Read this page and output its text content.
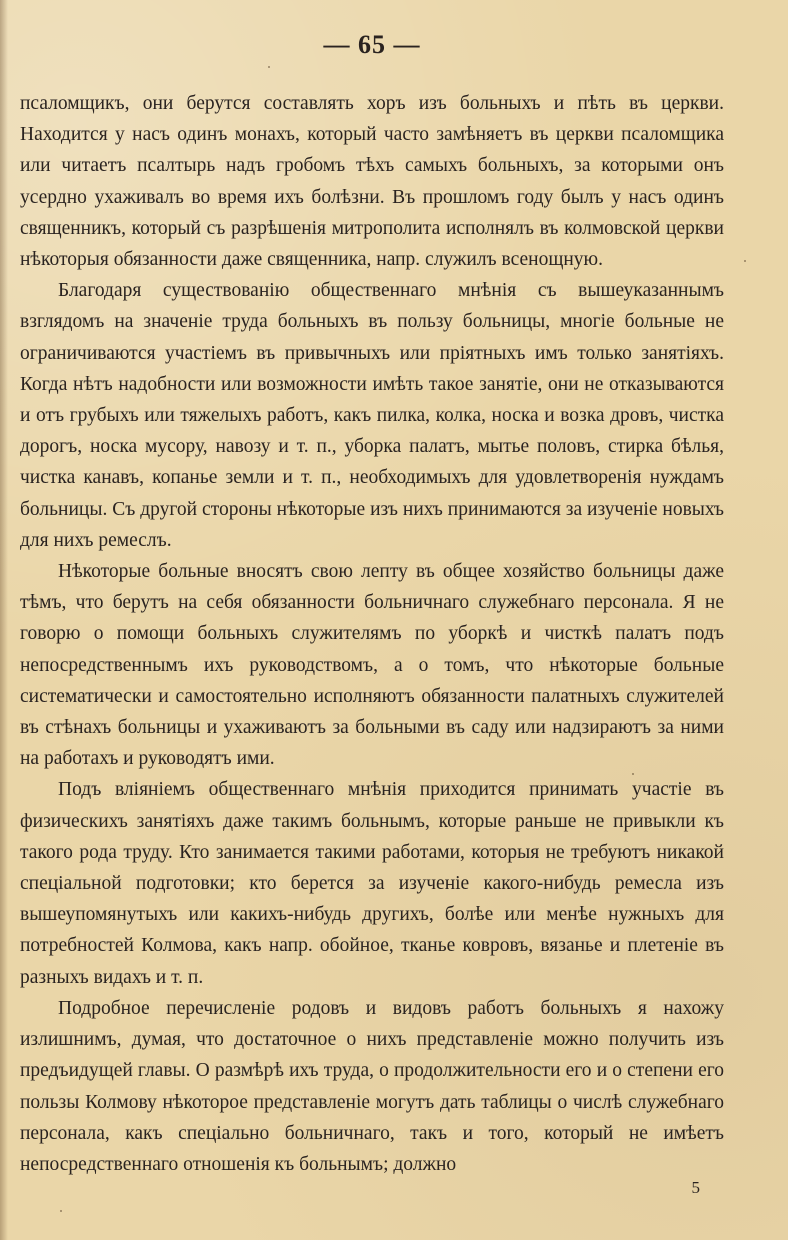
— 65 —

псаломщикъ, они берутся составлять хоръ изъ больныхъ и пѣть въ церкви. Находится у насъ одинъ монахъ, который часто замѣняетъ въ церкви псаломщика или читаетъ псалтырь надъ гробомъ тѣхъ самыхъ больныхъ, за которыми онъ усердно ухаживалъ во время ихъ болѣзни. Въ прошломъ году былъ у насъ одинъ священникъ, который съ разрѣшенія митрополита исполнялъ въ колмовской церкви нѣкоторыя обязанности даже священника, напр. служилъ всенощную.

Благодаря существованію общественнаго мнѣнія съ вышеуказаннымъ взглядомъ на значеніе труда больныхъ въ пользу больницы, многіе больные не ограничиваются участіемъ въ привычныхъ или пріятныхъ имъ только занятіяхъ. Когда нѣтъ надобности или возможности имѣть такое занятіе, они не отказываются и отъ грубыхъ или тяжелыхъ работъ, какъ пилка, колка, носка и возка дровъ, чистка дорогъ, носка мусору, навозу и т. п., уборка палатъ, мытье половъ, стирка бѣлья, чистка канавъ, копанье земли и т. п., необходимыхъ для удовлетворенія нуждамъ больницы. Съ другой стороны нѣкоторые изъ нихъ принимаются за изученіе новыхъ для нихъ ремеслъ.

Нѣкоторые больные вносятъ свою лепту въ общее хозяйство больницы даже тѣмъ, что берутъ на себя обязанности больничнаго служебнаго персонала. Я не говорю о помощи больныхъ служителямъ по уборкѣ и чисткѣ палатъ подъ непосредственнымъ ихъ руководствомъ, а о томъ, что нѣкоторые больные систематически и самостоятельно исполняютъ обязанности палатныхъ служителей въ стѣнахъ больницы и ухаживаютъ за больными въ саду или надзираютъ за ними на работахъ и руководятъ ими.

Подъ вліяніемъ общественнаго мнѣнія приходится принимать участіе въ физическихъ занятіяхъ даже такимъ больнымъ, которые раньше не привыкли къ такого рода труду. Кто занимается такими работами, которыя не требуютъ никакой спеціальной подготовки; кто берется за изученіе какого-нибудь ремесла изъ вышеупомянутыхъ или какихъ-нибудь другихъ, болѣе или менѣе нужныхъ для потребностей Колмова, какъ напр. обойное, тканье ковровъ, вязанье и плетеніе въ разныхъ видахъ и т. п.

Подробное перечисленіе родовъ и видовъ работъ больныхъ я нахожу излишнимъ, думая, что достаточное о нихъ представленіе можно получить изъ предъидущей главы. О размѣрѣ ихъ труда, о продолжительности его и о степени его пользы Колмову нѣкоторое представленіе могутъ дать таблицы о числѣ служебнаго персонала, какъ спеціально больничнаго, такъ и того, который не имѣетъ непосредственнаго отношенія къ больнымъ; должно

5
